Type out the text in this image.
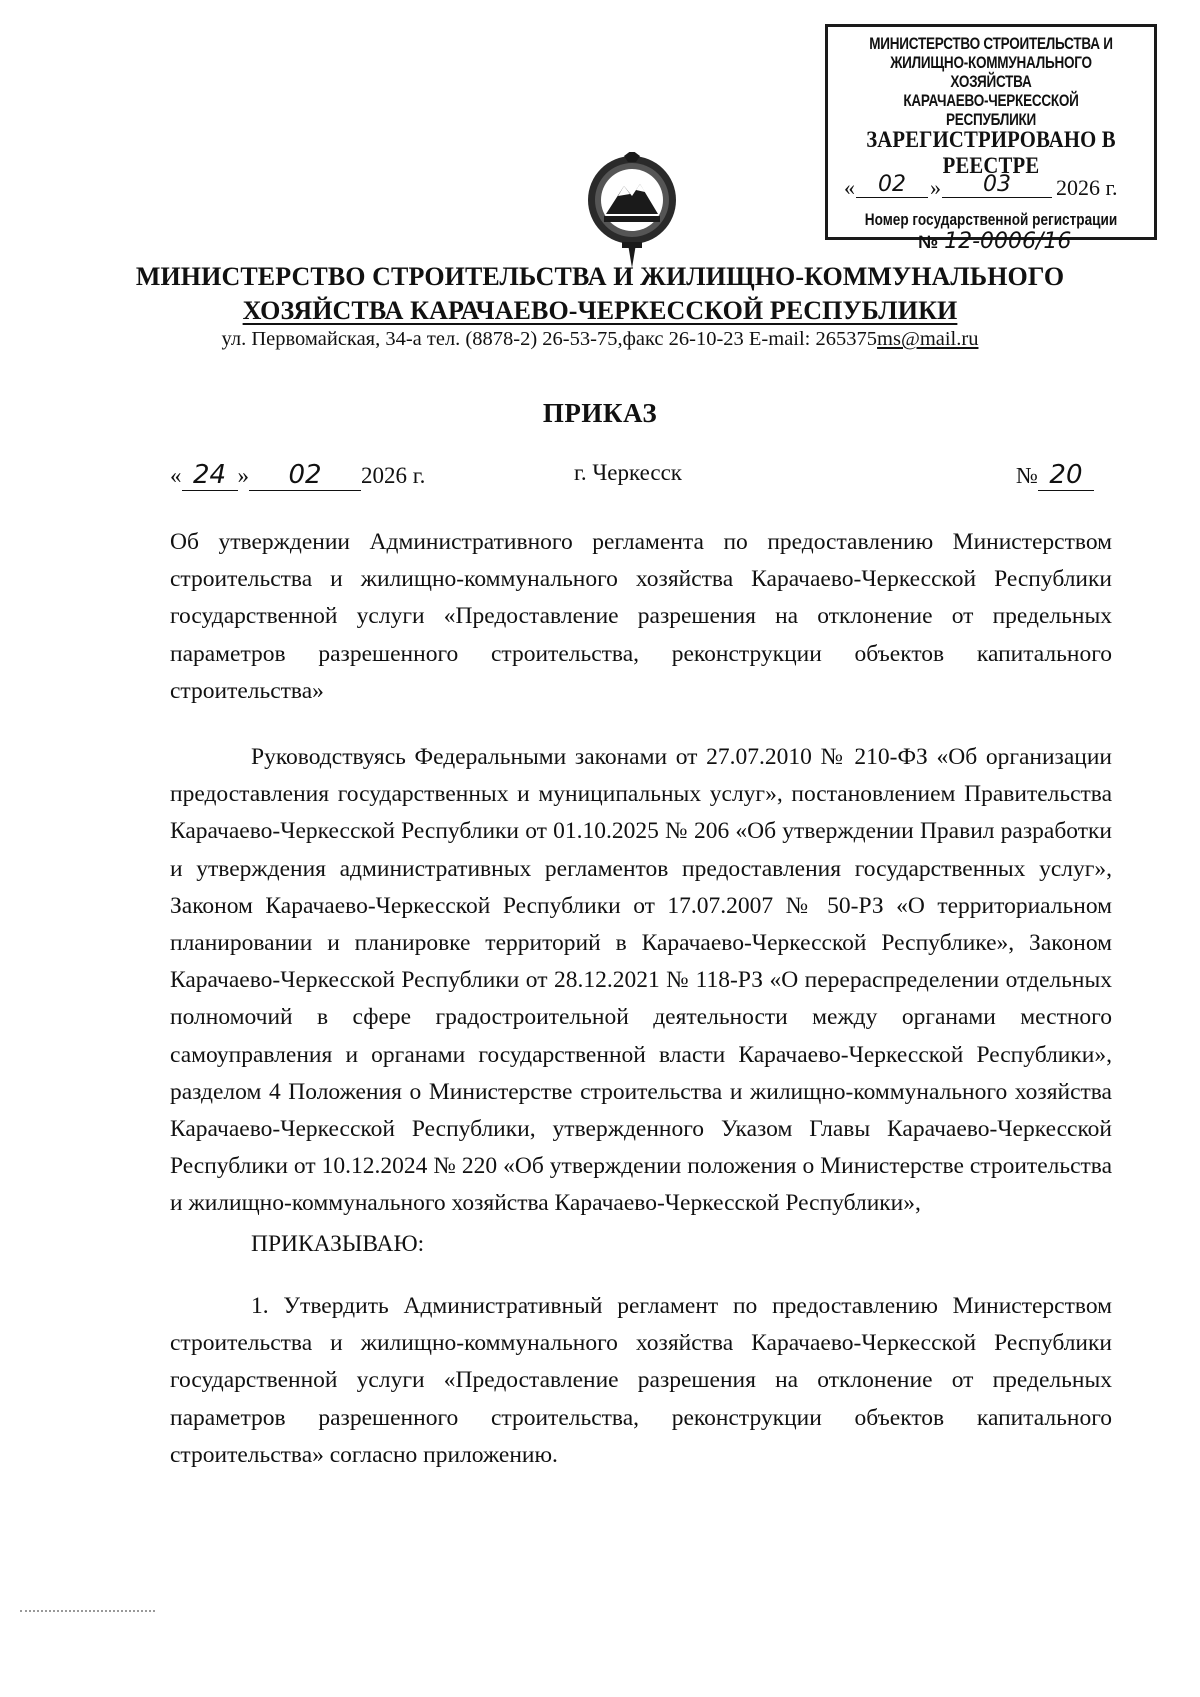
МИНИСТЕРСТВО СТРОИТЕЛЬСТВА И
ЖИЛИЩНО-КОММУНАЛЬНОГО ХОЗЯЙСТВА
КАРАЧАЕВО-ЧЕРКЕССКОЙ РЕСПУБЛИКИ
ЗАРЕГИСТРИРОВАНО В РЕЕСТРЕ
«	02	»	03	2026 г.
Номер государственной регистрации
№ 12-0006/16
МИНИСТЕРСТВО СТРОИТЕЛЬСТВА И ЖИЛИЩНО-КОММУНАЛЬНОГО
ХОЗЯЙСТВА КАРАЧАЕВО-ЧЕРКЕССКОЙ РЕСПУБЛИКИ
ул. Первомайская, 34-а тел. (8878-2) 26-53-75,факс 26-10-23 E-mail: 265375ms@mail.ru
ПРИКАЗ
« 24 » 02 2026 г.	г. Черкесск	№ 20

Об утверждении Административного регламента по предоставлению Министерством строительства и жилищно-коммунального хозяйства Карачаево-Черкесской Республики государственной услуги «Предоставление разрешения на отклонение от предельных параметров разрешенного строительства, реконструкции объектов капитального строительства»

Руководствуясь Федеральными законами от 27.07.2010 № 210-ФЗ «Об организации предоставления государственных и муниципальных услуг», постановлением Правительства Карачаево-Черкесской Республики от 01.10.2025 № 206 «Об утверждении Правил разработки и утверждения административных регламентов предоставления государственных услуг», Законом Карачаево-Черкесской Республики от 17.07.2007 № 50-РЗ «О территориальном планировании и планировке территорий в Карачаево-Черкесской Республике», Законом Карачаево-Черкесской Республики от 28.12.2021 № 118-РЗ «О перераспределении отдельных полномочий в сфере градостроительной деятельности между органами местного самоуправления и органами государственной власти Карачаево-Черкесской Республики», разделом 4 Положения о Министерстве строительства и жилищно-коммунального хозяйства Карачаево-Черкесской Республики, утвержденного Указом Главы Карачаево-Черкесской Республики от 10.12.2024 № 220 «Об утверждении положения о Министерстве строительства и жилищно-коммунального хозяйства Карачаево-Черкесской Республики»,

ПРИКАЗЫВАЮ:

1. Утвердить Административный регламент по предоставлению Министерством строительства и жилищно-коммунального хозяйства Карачаево-Черкесской Республики государственной услуги «Предоставление разрешения на отклонение от предельных параметров разрешенного строительства, реконструкции объектов капитального строительства» согласно приложению.
